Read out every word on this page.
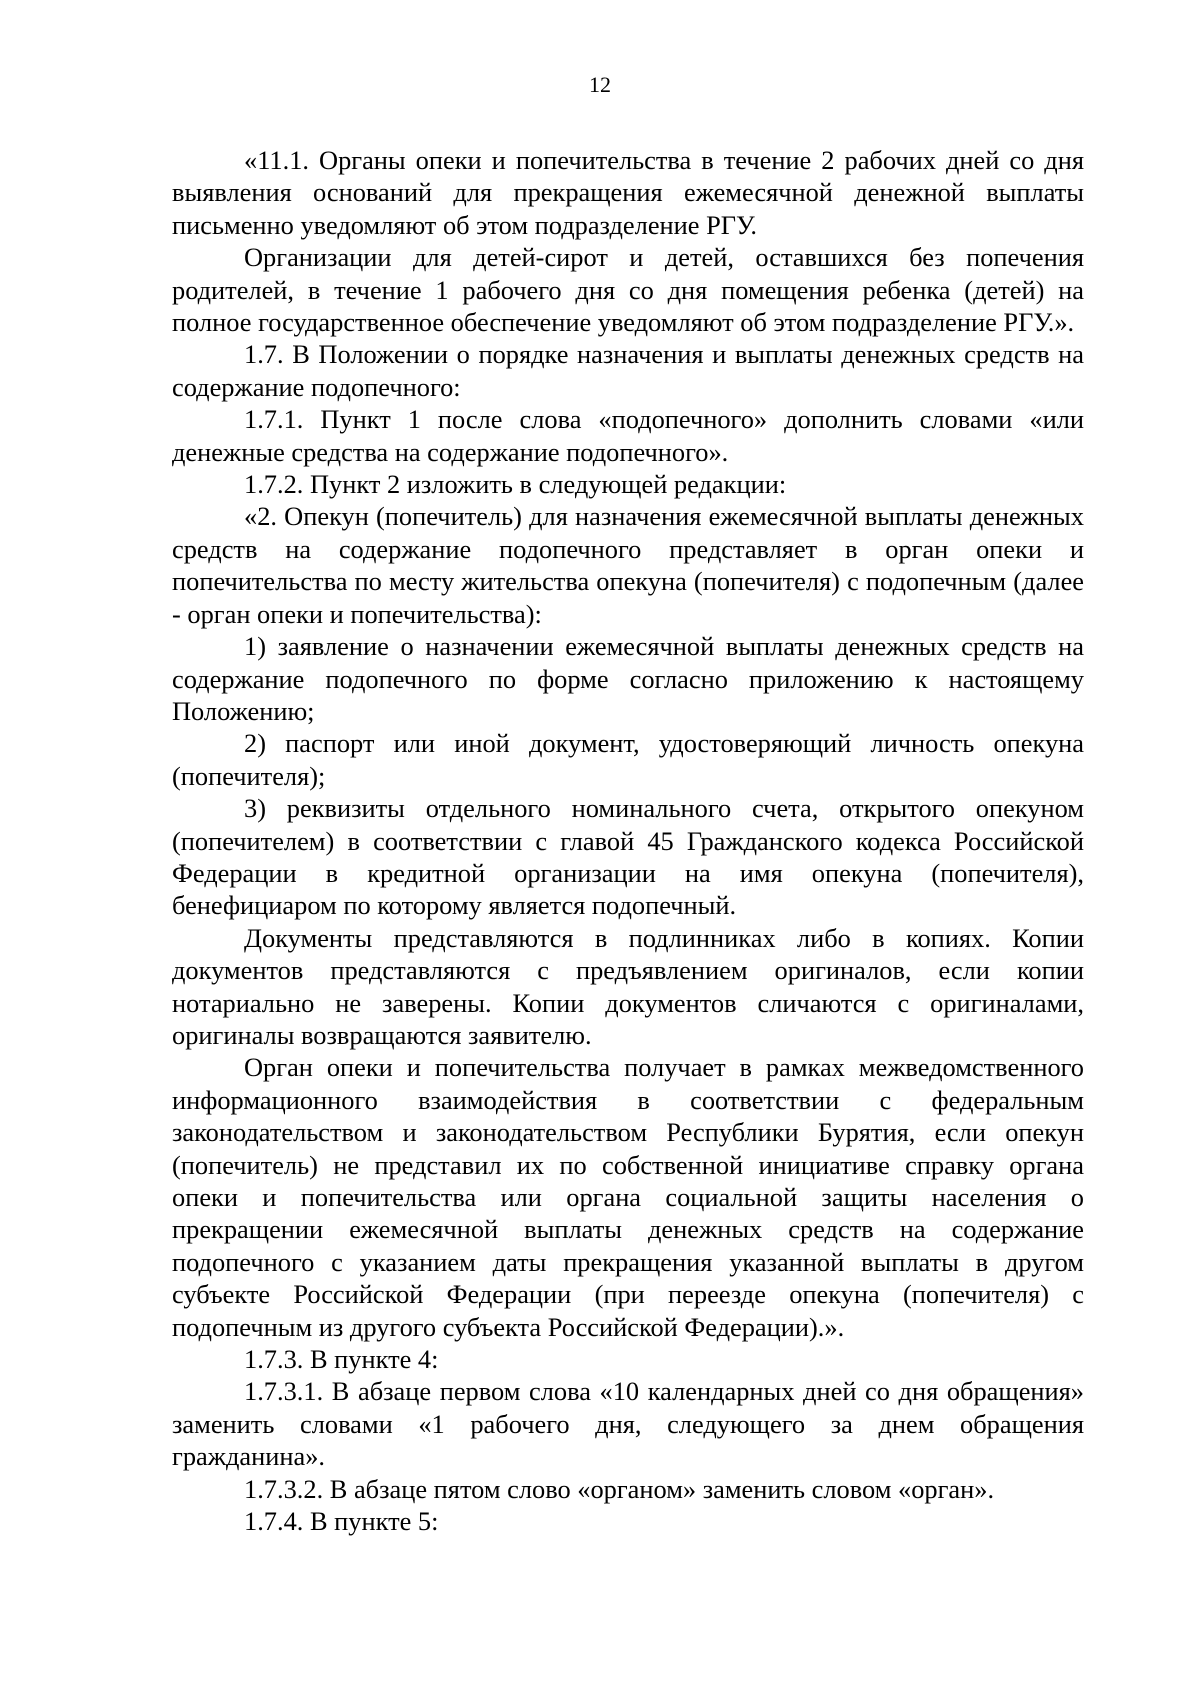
12

«11.1. Органы опеки и попечительства в течение 2 рабочих дней со дня выявления оснований для прекращения ежемесячной денежной выплаты письменно уведомляют об этом подразделение РГУ.

Организации для детей-сирот и детей, оставшихся без попечения родителей, в течение 1 рабочего дня со дня помещения ребенка (детей) на полное государственное обеспечение уведомляют об этом подразделение РГУ.».

1.7. В Положении о порядке назначения и выплаты денежных средств на содержание подопечного:

1.7.1. Пункт 1 после слова «подопечного» дополнить словами «или денежные средства на содержание подопечного».

1.7.2. Пункт 2 изложить в следующей редакции:

«2. Опекун (попечитель) для назначения ежемесячной выплаты денежных средств на содержание подопечного представляет в орган опеки и попечительства по месту жительства опекуна (попечителя) с подопечным (далее - орган опеки и попечительства):

1) заявление о назначении ежемесячной выплаты денежных средств на содержание подопечного по форме согласно приложению к настоящему Положению;

2) паспорт или иной документ, удостоверяющий личность опекуна (попечителя);

3) реквизиты отдельного номинального счета, открытого опекуном (попечителем) в соответствии с главой 45 Гражданского кодекса Российской Федерации в кредитной организации на имя опекуна (попечителя), бенефициаром по которому является подопечный.

Документы представляются в подлинниках либо в копиях. Копии документов представляются с предъявлением оригиналов, если копии нотариально не заверены. Копии документов сличаются с оригиналами, оригиналы возвращаются заявителю.

Орган опеки и попечительства получает в рамках межведомственного информационного взаимодействия в соответствии с федеральным законодательством и законодательством Республики Бурятия, если опекун (попечитель) не представил их по собственной инициативе справку органа опеки и попечительства или органа социальной защиты населения о прекращении ежемесячной выплаты денежных средств на содержание подопечного с указанием даты прекращения указанной выплаты в другом субъекте Российской Федерации (при переезде опекуна (попечителя) с подопечным из другого субъекта Российской Федерации).».

1.7.3. В пункте 4:

1.7.3.1. В абзаце первом слова «10 календарных дней со дня обращения» заменить словами «1 рабочего дня, следующего за днем обращения гражданина».

1.7.3.2. В абзаце пятом слово «органом» заменить словом «орган».

1.7.4. В пункте 5:
